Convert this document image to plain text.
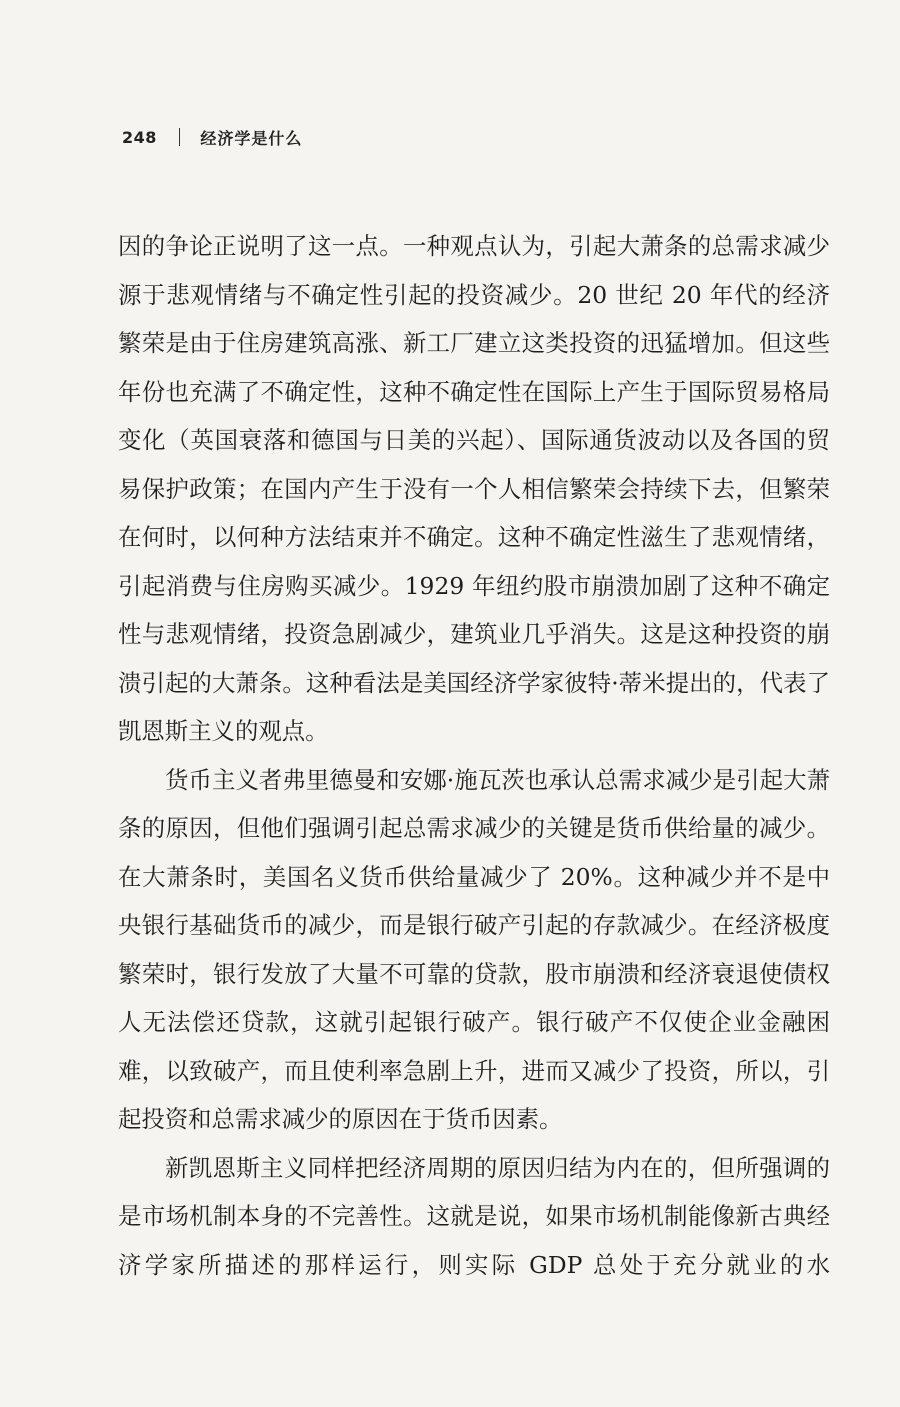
248	经济学是什么

因的争论正说明了这一点。一种观点认为，引起大萧条的总需求减少源于悲观情绪与不确定性引起的投资减少。20 世纪 20 年代的经济繁荣是由于住房建筑高涨、新工厂建立这类投资的迅猛增加。但这些年份也充满了不确定性，这种不确定性在国际上产生于国际贸易格局变化（英国衰落和德国与日美的兴起）、国际通货波动以及各国的贸易保护政策；在国内产生于没有一个人相信繁荣会持续下去，但繁荣在何时，以何种方法结束并不确定。这种不确定性滋生了悲观情绪，引起消费与住房购买减少。1929 年纽约股市崩溃加剧了这种不确定性与悲观情绪，投资急剧减少，建筑业几乎消失。这是这种投资的崩溃引起的大萧条。这种看法是美国经济学家彼特·蒂米提出的，代表了凯恩斯主义的观点。

货币主义者弗里德曼和安娜·施瓦茨也承认总需求减少是引起大萧条的原因，但他们强调引起总需求减少的关键是货币供给量的减少。在大萧条时，美国名义货币供给量减少了 20%。这种减少并不是中央银行基础货币的减少，而是银行破产引起的存款减少。在经济极度繁荣时，银行发放了大量不可靠的贷款，股市崩溃和经济衰退使债权人无法偿还贷款，这就引起银行破产。银行破产不仅使企业金融困难，以致破产，而且使利率急剧上升，进而又减少了投资，所以，引起投资和总需求减少的原因在于货币因素。

新凯恩斯主义同样把经济周期的原因归结为内在的，但所强调的是市场机制本身的不完善性。这就是说，如果市场机制能像新古典经济学家所描述的那样运行，则实际 GDP 总处于充分就业的水
